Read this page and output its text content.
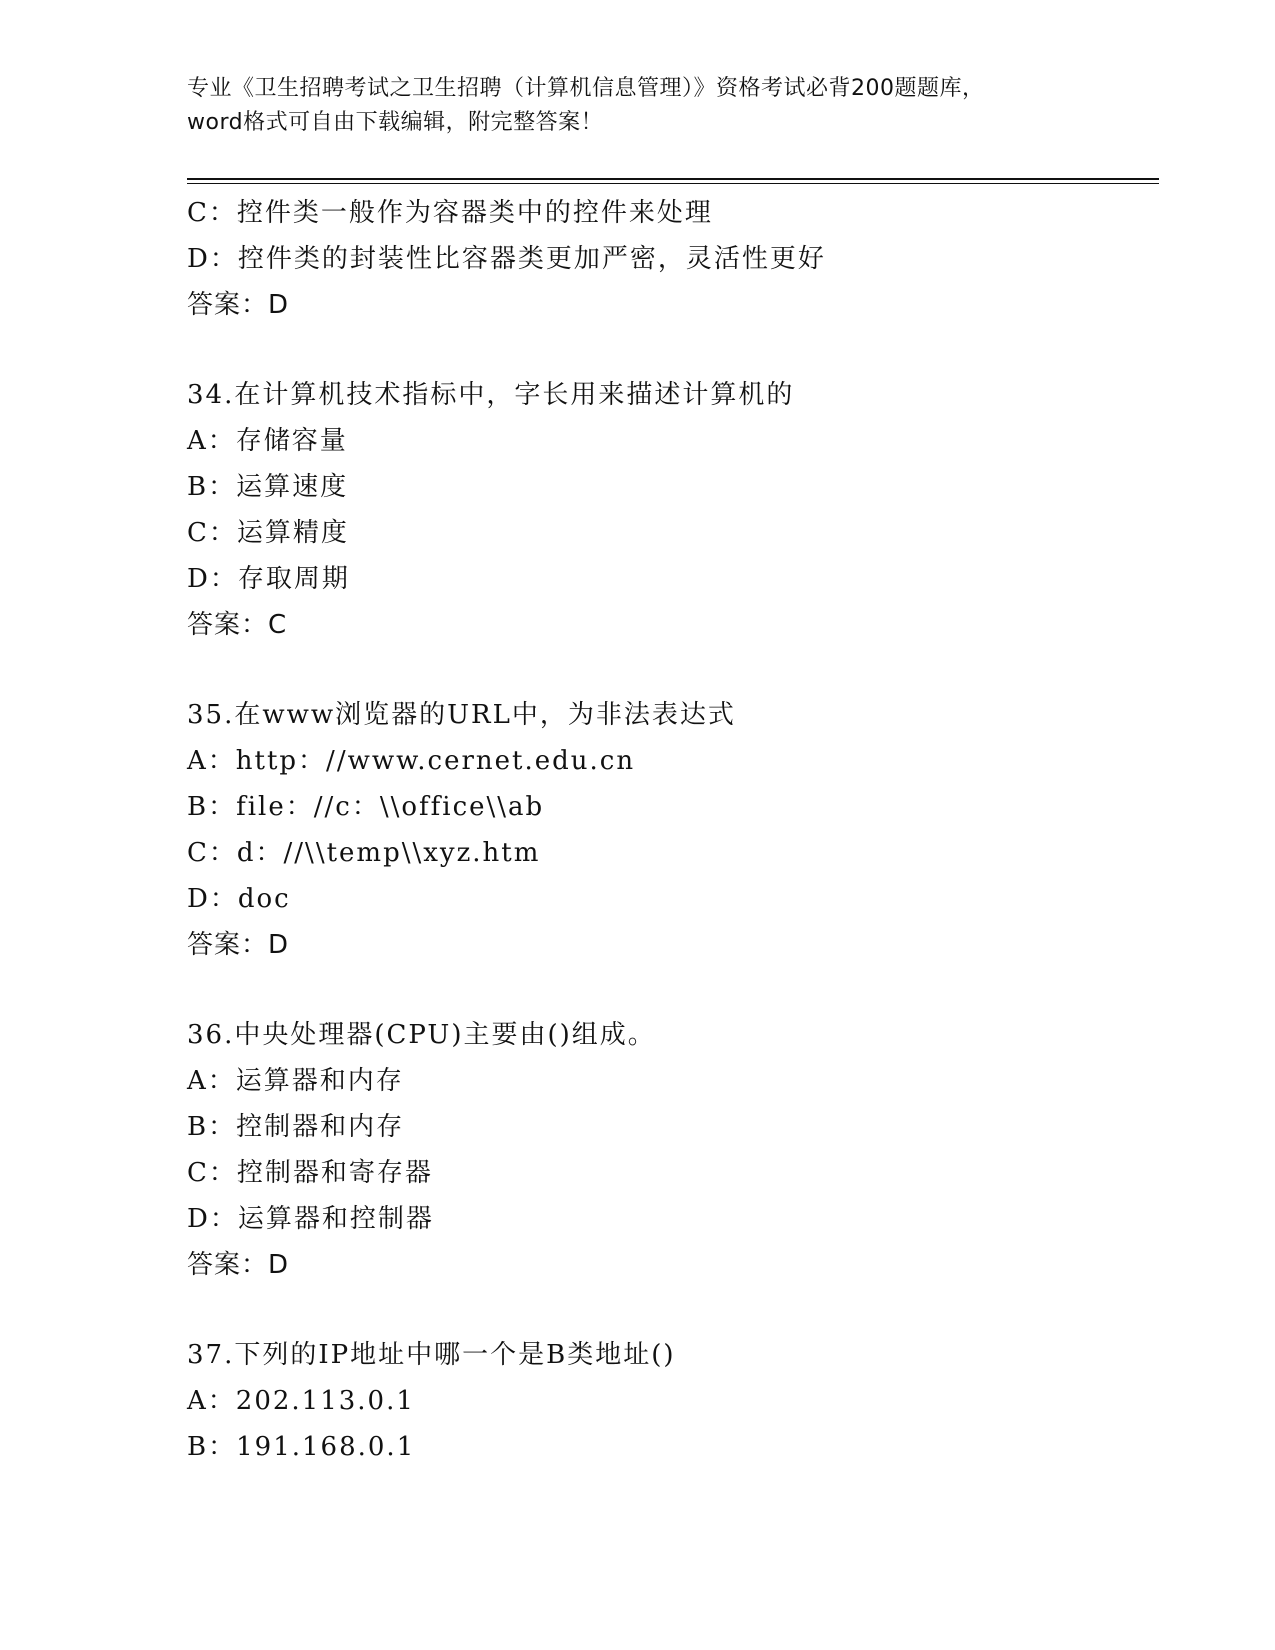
专业《卫生招聘考试之卫生招聘（计算机信息管理）》资格考试必背200题题库，
word格式可自由下载编辑，附完整答案！
C：控件类一般作为容器类中的控件来处理
D：控件类的封装性比容器类更加严密，灵活性更好
答案：D
34.在计算机技术指标中，字长用来描述计算机的
A：存储容量
B：运算速度
C：运算精度
D：存取周期
答案：C
35.在www浏览器的URL中，为非法表达式
A：http：//www.cernet.edu.cn
B：file：//c：\\office\\ab
C：d：//\\temp\\xyz.htm
D：doc
答案：D
36.中央处理器(CPU)主要由()组成。
A：运算器和内存
B：控制器和内存
C：控制器和寄存器
D：运算器和控制器
答案：D
37.下列的IP地址中哪一个是B类地址()
A：202.113.0.1
B：191.168.0.1
